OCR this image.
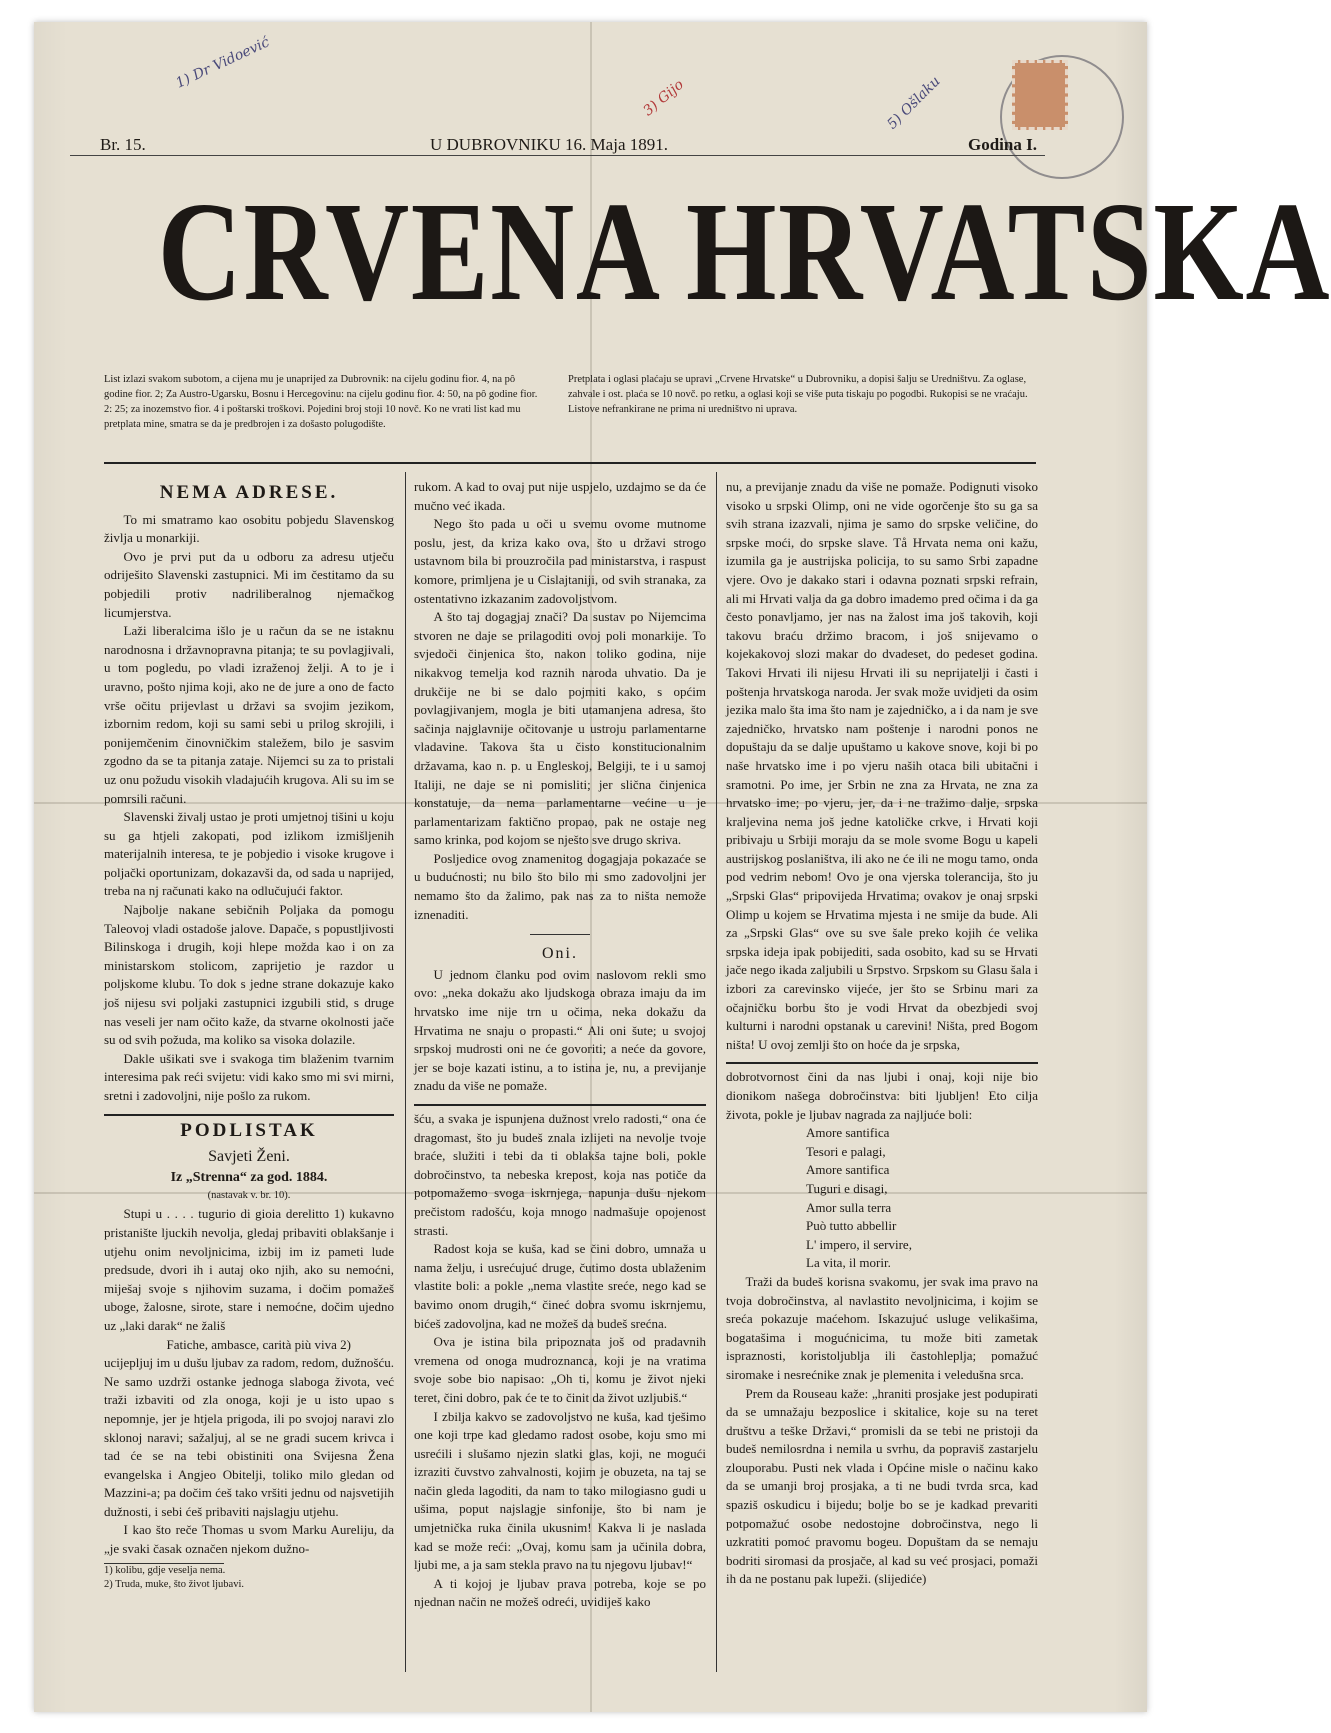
1) Dr Vidoević
3) Gijo	5) Ošlaku
Br. 15.	U DUBROVNIKU 16. Maja 1891.	Godina I.
CRVENA HRVATSKA
List izlazi svakom subotom, a cijena mu je unaprijed za Dubrovnik: na cijelu godinu fior. 4, na pô godine fior. 2; Za Austro-Ugarsku, Bosnu i Hercegovinu: na cijelu godinu fior. 4: 50, na pô godine fior. 2: 25; za inozemstvo fior. 4 i poštarski troškovi. Pojedini broj stoji 10 novč. Ko ne vrati list kad mu pretplata mine, smatra se da je predbrojen i za došasto polugodište.
Pretplata i oglasi plaćaju se upravi „Crvene Hrvatske“ u Dubrovniku, a dopisi šalju se Uredništvu. Za oglase, zahvale i ost. plaća se 10 novč. po retku, a oglasi koji se više puta tiskaju po pogodbi. Rukopisi se ne vraćaju. Listove nefrankirane ne prima ni uredništvo ni uprava.
NEMA ADRESE.

To mi smatramo kao osobitu pobjedu Slavenskog življa u monarkiji.

Ovo je prvi put da u odboru za adresu utječu odriješito Slavenski zastupnici. Mi im čestitamo da su pobjedili protiv nadriliberalnog njemačkog licumjerstva.

Laži liberalcima išlo je u račun da se ne istaknu narodnosna i državnopravna pitanja; te su povlagjivali, u tom pogledu, po vladi izraženoj želji. A to je i uravno, pošto njima koji, ako ne de jure a ono de facto vrše očitu prijevlast u državi sa svojim jezikom, izbornim redom, koji su sami sebi u prilog skrojili, i ponijemčenim činovničkim staležem, bilo je sasvim zgodno da se ta pitanja zataje. Nijemci su za to pristali uz onu požudu visokih vladajućih krugova. Ali su im se pomrsili računi.

Slavenski živalj ustao je proti umjetnoj tišini u koju su ga htjeli zakopati, pod izlikom izmišljenih materijalnih interesa, te je pobjedio i visoke krugove i poljački oportunizam, dokazavši da, od sada u naprijed, treba na nj računati kako na odlučujući faktor.

Najbolje nakane sebičnih Poljaka da pomogu Taleovoj vladi ostadoše jalove. Dapače, s popustljivosti Bilinskoga i drugih, koji hlepe možda kao i on za ministarskom stolicom, zaprijetio je razdor u poljskome klubu. To dok s jedne strane dokazuje kako još nijesu svi poljaki zastupnici izgubili stid, s druge nas veseli jer nam očito kaže, da stvarne okolnosti jače su od svih požuda, ma koliko sa visoka dolazile.

Dakle ušikati sve i svakoga tim blaženim tvarnim interesima pak reći svijetu: vidi kako smo mi svi mirni, sretni i zadovoljni, nije pošlo za rukom.

PODLISTAK
Savjeti Ženi.
Iz „Strenna“ za god. 1884.
(nastavak v. br. 10).

Stupi u . . . . tugurio di gioia derelitto 1) kukavno pristanište ljuckih nevolja, gledaj pribaviti oblakšanje i utjehu onim nevoljnicima, izbij im iz pameti lude predsude, dvori ih i autaj oko njih, ako su nemoćni, miješaj svoje s njihovim suzama, i dočim pomažeš uboge, žalosne, sirote, stare i nemoćne, dočim ujedno uz „laki darak“ ne žališ

Fatiche, ambasce, carità più viva 2)

ucijepljuj im u dušu ljubav za radom, redom, dužnošću. Ne samo uzdrži ostanke jednoga slaboga života, već traži izbaviti od zla onoga, koji je u isto upao s nepomnje, jer je htjela prigoda, ili po svojoj naravi zlo sklonoj naravi; sažaljuj, al se ne gradi sucem krivca i tad će se na tebi obistiniti ona Svijesna Žena evangelska i Angjeo Obitelji, toliko milo gledan od Mazzini-a; pa dočim ćeš tako vršiti jednu od najsvetijih dužnosti, i sebi ćeš pribaviti najslagju utjehu.

I kao što reče Thomas u svom Marku Aureliju, da „je svaki časak označen njekom dužno-

1) kolibu, gdje veselja nema.
2) Truda, muke, što život ljubavi.

rukom. A kad to ovaj put nije uspjelo, uzdajmo se da će mučno već ikada.

Nego što pada u oči u svemu ovome mutnome poslu, jest, da kriza kako ova, što u državi strogo ustavnom bila bi prouzročila pad ministarstva, i raspust komore, primljena je u Cislajtaniji, od svih stranaka, za ostentativno izkazanim zadovoljstvom.

A što taj dogagjaj znači? Da sustav po Nijemcima stvoren ne daje se prilagoditi ovoj poli monarkije. To svjedoči činjenica što, nakon toliko godina, nije nikakvog temelja kod raznih naroda uhvatio. Da je drukčije ne bi se dalo pojmiti kako, s općim povlagjivanjem, mogla je biti utamanjena adresa, što sačinja najglavnije očitovanje u ustroju parlamentarne vladavine. Takova šta u čisto konstitucionalnim državama, kao n. p. u Engleskoj, Belgiji, te i u samoj Italiji, ne daje se ni pomisliti; jer slična činjenica konstatuje, da nema parlamentarne većine u je parlamentarizam faktično propao, pak ne ostaje neg samo krinka, pod kojom se nješto sve drugo skriva.

Posljedice ovog znamenitog dogagjaja pokazaće se u budućnosti; nu bilo što bilo mi smo zadovoljni jer nemamo što da žalimo, pak nas za to ništa nemože iznenaditi.

Oni.

U jednom članku pod ovim naslovom rekli smo ovo: „neka dokažu ako ljudskoga obraza imaju da im hrvatsko ime nije trn u očima, neka dokažu da Hrvatima ne snaju o propasti.“ Ali oni šute; u svojoj srpskoj mudrosti oni ne će govoriti; a neće da govore, jer se boje kazati istinu, a to istina je, nu, a previjanje znadu da više ne pomaže.

šću, a svaka je ispunjena dužnost vrelo radosti,“ ona će dragomast, što ju budeš znala izlijeti na nevolje tvoje braće, služiti i tebi da ti oblakša tajne boli, pokle dobročinstvo, ta nebeska krepost, koja nas potiče da potpomažemo svoga iskrnjega, napunja dušu njekom prečistom radošću, koja mnogo nadmašuje opojenost strasti.

Radost koja se kuša, kad se čini dobro, umnaža u nama želju, i usrećujuć druge, čutimo dosta ublaženim vlastite boli: a pokle „nema vlastite sreće, nego kad se bavimo onom drugih,“ čineć dobra svomu iskrnjemu, bićeš zadovoljna, kad ne možeš da budeš srećna.

Ova je istina bila pripoznata još od pradavnih vremena od onoga mudroznanca, koji je na vratima svoje sobe bio napisao: „Oh ti, komu je život njeki teret, čini dobro, pak će te to činit da život uzljubiš.“

I zbilja kakvo se zadovoljstvo ne kuša, kad tješimo one koji trpe kad gledamo radost osobe, koju smo mi usrećili i slušamo njezin slatki glas, koji, ne mogući izraziti čuvstvo zahvalnosti, kojim je obuzeta, na taj se način gleda lagoditi, da nam to tako milogiasno gudi u ušima, poput najslagje sinfonije, što bi nam je umjetnička ruka činila ukusnim! Kakva li je naslada kad se može reći: „Ovaj, komu sam ja učinila dobra, ljubi me, a ja sam stekla pravo na tu njegovu ljubav!“

A ti kojoj je ljubav prava potreba, koje se po njednan način ne možeš odreći, uvidiješ kako

nu, a previjanje znadu da više ne pomaže. Podignuti visoko visoko u srpski Olimp, oni ne vide ogorčenje što su ga sa svih strana izazvali, njima je samo do srpske veličine, do srpske moći, do srpske slave. Tå Hrvata nema oni kažu, izumila ga je austrijska policija, to su samo Srbi zapadne vjere. Ovo je dakako stari i odavna poznati srpski refrain, ali mi Hrvati valja da ga dobro imademo pred očima i da ga često ponavljamo, jer nas na žalost ima još takovih, koji takovu braću držimo bracom, i još snijevamo o kojekakovoj slozi makar do dvadeset, do pedeset godina. Takovi Hrvati ili nijesu Hrvati ili su neprijatelji i časti i poštenja hrvatskoga naroda. Jer svak može uvidjeti da osim jezika malo šta ima što nam je zajedničko, a i da nam je sve zajedničko, hrvatsko nam poštenje i narodni ponos ne dopuštaju da se dalje upuštamo u kakove snove, koji bi po naše hrvatsko ime i po vjeru naših otaca bili ubitačni i sramotni. Po ime, jer Srbin ne zna za Hrvata, ne zna za hrvatsko ime; po vjeru, jer, da i ne tražimo dalje, srpska kraljevina nema još jedne katoličke crkve, i Hrvati koji pribivaju u Srbiji moraju da se mole svome Bogu u kapeli austrijskog poslaništva, ili ako ne će ili ne mogu tamo, onda pod vedrim nebom! Ovo je ona vjerska tolerancija, što ju „Srpski Glas“ pripovijeda Hrvatima; ovakov je onaj srpski Olimp u kojem se Hrvatima mjesta i ne smije da bude. Ali za „Srpski Glas“ ove su sve šale preko kojih će velika srpska ideja ipak pobijediti, sada osobito, kad su se Hrvati jače nego ikada zaljubili u Srpstvo. Srpskom su Glasu šala i izbori za carevinsko vijeće, jer što se Srbinu mari za očajničku borbu što je vodi Hrvat da obezbjedi svoj kulturni i narodni opstanak u carevini! Ništa, pred Bogom ništa! U ovoj zemlji što on hoće da je srpska,

dobrotvornost čini da nas ljubi i onaj, koji nije bio dionikom našega dobročinstva: biti ljubljen! Eto cilja života, pokle je ljubav nagrada za najljuće boli:

Amore santifica
Tesori e palagi,
Amore santifica
Tuguri e disagi,
Amor sulla terra
Può tutto abbellir
L' impero, il servire,
La vita, il morir.

Traži da budeš korisna svakomu, jer svak ima pravo na tvoja dobročinstva, al navlastito nevoljnicima, i kojim se sreća pokazuje maćehom. Iskazujuć usluge velikašima, bogatašima i mogućnicima, tu može biti zametak ispraznosti, koristoljublja ili častohleplja; pomažuć siromake i nesrećnike znak je plemenita i veledušna srca.

Prem da Rouseau kaže: „hraniti prosjake jest podupirati da se umnažaju bezposlice i skitalice, koje su na teret društvu a teške Državi,“ promisli da se tebi ne pristoji da budeš nemilosrdna i nemila u svrhu, da popraviš zastarjelu zlouporabu. Pusti nek vlada i Općine misle o načinu kako da se umanji broj prosjaka, a ti ne budi tvrda srca, kad spaziš oskudicu i bijedu; bolje bo se je kadkad prevariti potpomažuć osobe nedostojne dobročinstva, nego li uzkratiti pomoć pravomu bogeu. Dopuštam da se nemaju bodriti siromasi da prosjače, al kad su već prosjaci, pomaži ih da ne postanu pak lupeži. (slijediće)
